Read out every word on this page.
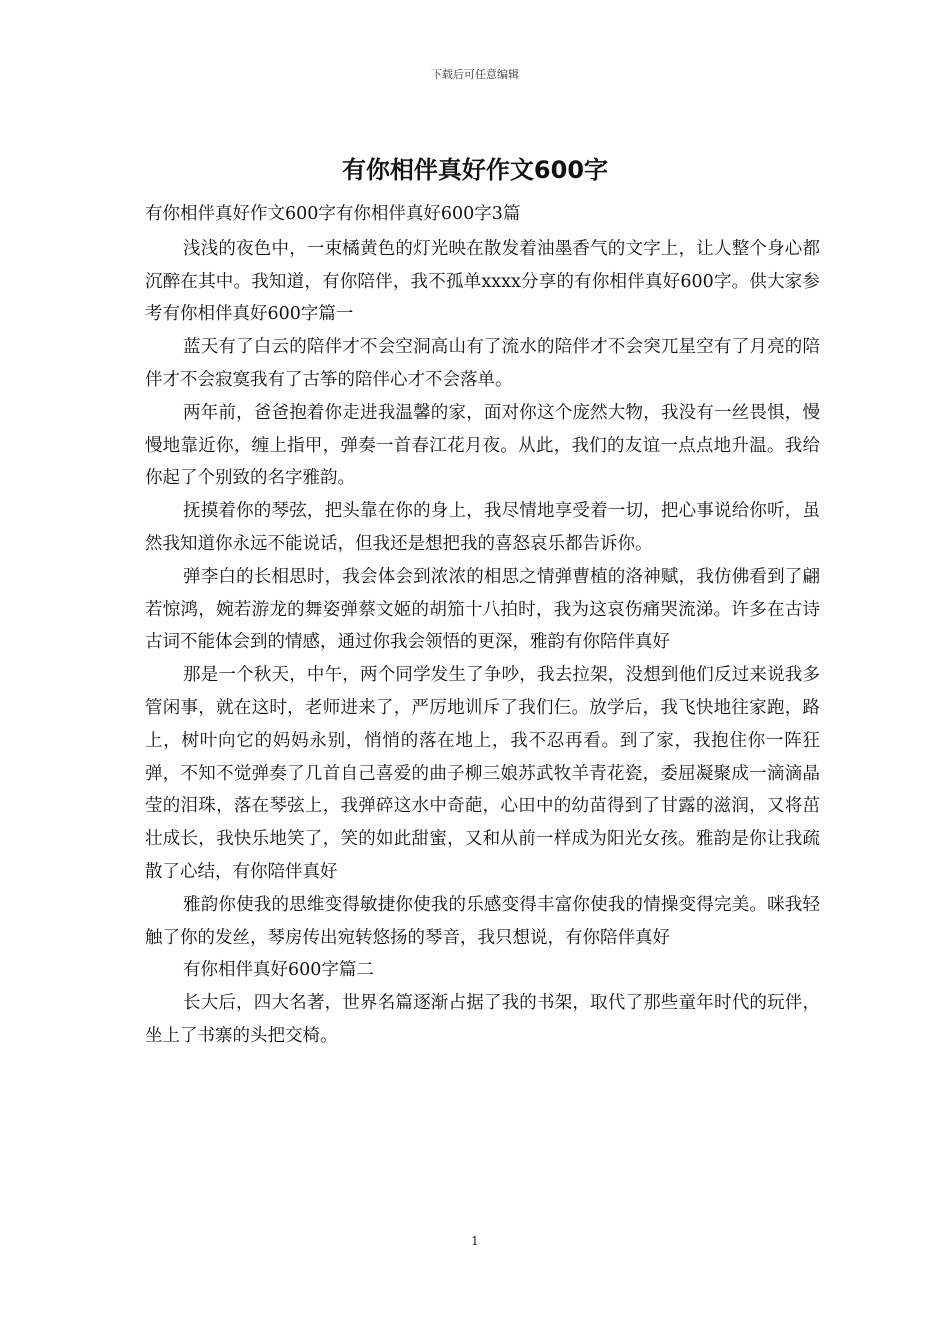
下载后可任意编辑
有你相伴真好作文600字

有你相伴真好作文600字有你相伴真好600字3篇

浅浅的夜色中，一束橘黄色的灯光映在散发着油墨香气的文字上，让人整个身心都沉醉在其中。我知道，有你陪伴，我不孤单xxxx分享的有你相伴真好600字。供大家参考有你相伴真好600字篇一

蓝天有了白云的陪伴才不会空洞高山有了流水的陪伴才不会突兀星空有了月亮的陪伴才不会寂寞我有了古筝的陪伴心才不会落单。

两年前，爸爸抱着你走进我温馨的家，面对你这个庞然大物，我没有一丝畏惧，慢慢地靠近你，缠上指甲，弹奏一首春江花月夜。从此，我们的友谊一点点地升温。我给你起了个别致的名字雅韵。

抚摸着你的琴弦，把头靠在你的身上，我尽情地享受着一切，把心事说给你听，虽然我知道你永远不能说话，但我还是想把我的喜怒哀乐都告诉你。

弹李白的长相思时，我会体会到浓浓的相思之情弹曹植的洛神赋，我仿佛看到了翩若惊鸿，婉若游龙的舞姿弹蔡文姬的胡笳十八拍时，我为这哀伤痛哭流涕。许多在古诗古词不能体会到的情感，通过你我会领悟的更深，雅韵有你陪伴真好

那是一个秋天，中午，两个同学发生了争吵，我去拉架，没想到他们反过来说我多管闲事，就在这时，老师进来了，严厉地训斥了我们仨。放学后，我飞快地往家跑，路上，树叶向它的妈妈永别，悄悄的落在地上，我不忍再看。到了家，我抱住你一阵狂弹，不知不觉弹奏了几首自己喜爱的曲子柳三娘苏武牧羊青花瓷，委屈凝聚成一滴滴晶莹的泪珠，落在琴弦上，我弹碎这水中奇葩，心田中的幼苗得到了甘露的滋润，又将茁壮成长，我快乐地笑了，笑的如此甜蜜，又和从前一样成为阳光女孩。雅韵是你让我疏散了心结，有你陪伴真好

雅韵你使我的思维变得敏捷你使我的乐感变得丰富你使我的情操变得完美。咪我轻触了你的发丝，琴房传出宛转悠扬的琴音，我只想说，有你陪伴真好

有你相伴真好600字篇二

长大后，四大名著，世界名篇逐渐占据了我的书架，取代了那些童年时代的玩伴，坐上了书寨的头把交椅。

1
